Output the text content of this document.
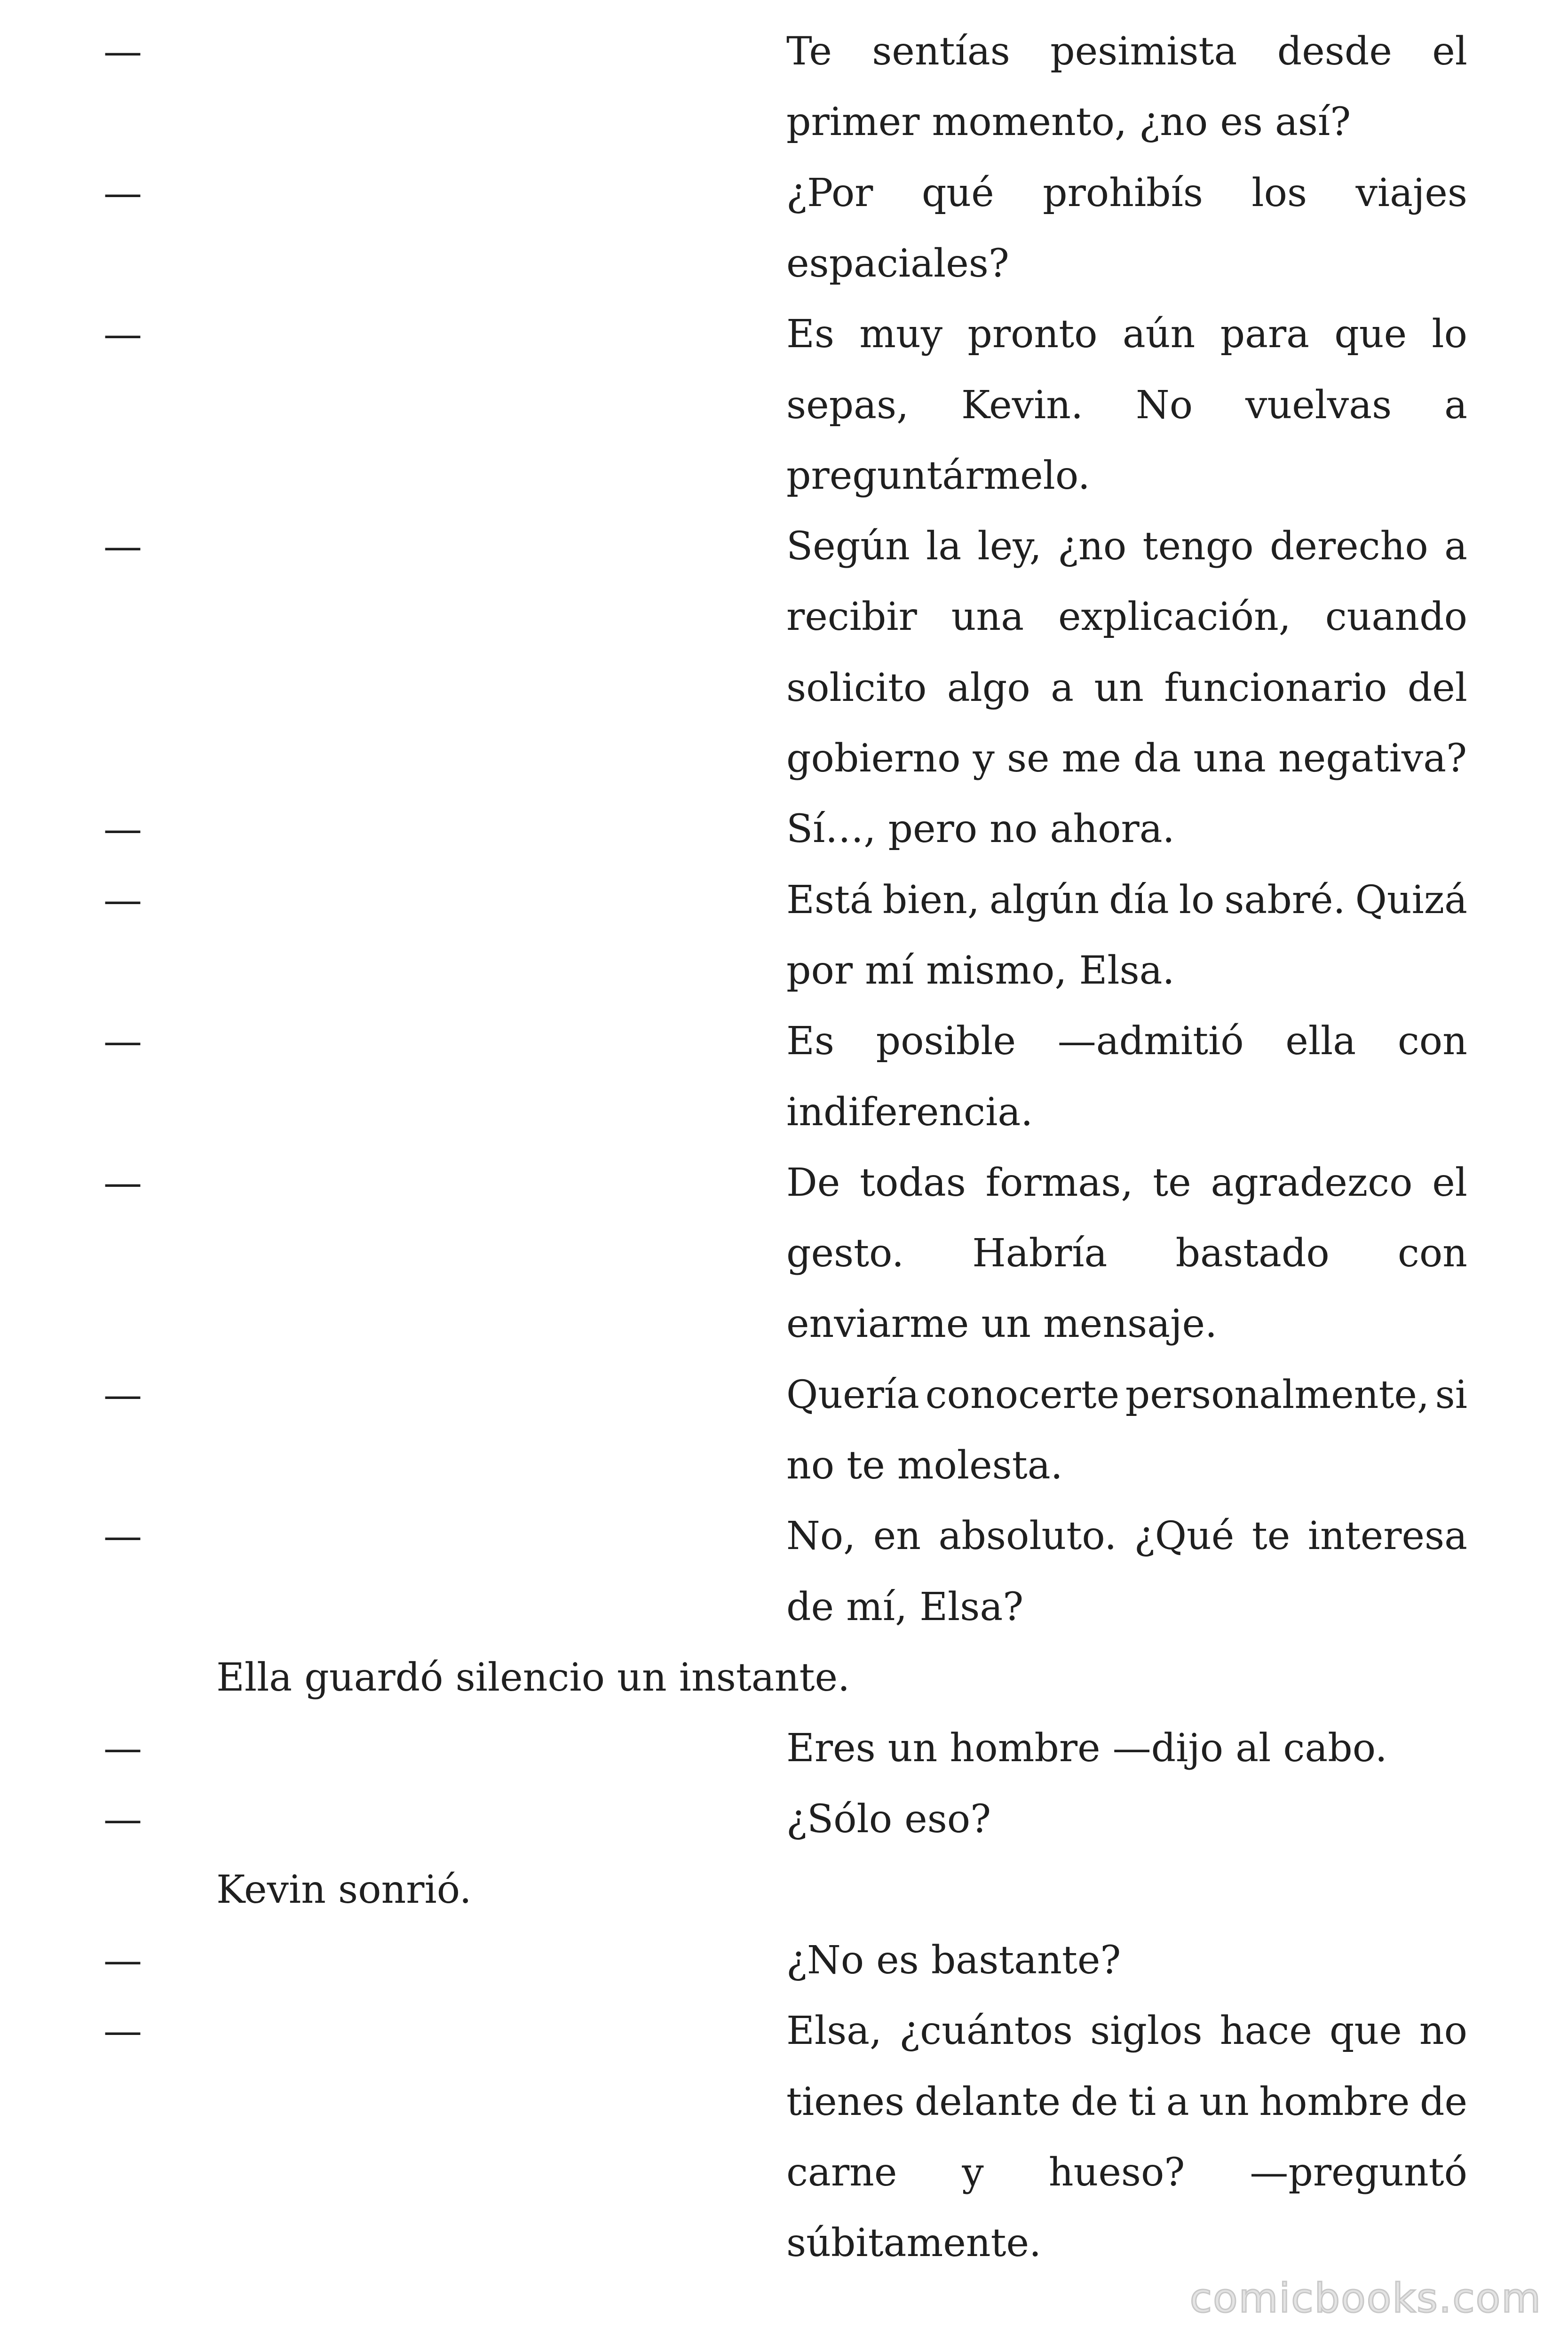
—	Te sentías pesimista desde el
primer momento, ¿no es así?
—	¿Por qué prohibís los viajes
espaciales?
—	Es muy pronto aún para que lo
sepas, Kevin. No vuelvas a
preguntármelo.
—	Según la ley, ¿no tengo derecho a
recibir una explicación, cuando
solicito algo a un funcionario del
gobierno y se me da una negativa?
—	Sí…, pero no ahora.
—	Está bien, algún día lo sabré. Quizá
por mí mismo, Elsa.
—	Es posible —admitió ella con
indiferencia.
—	De todas formas, te agradezco el
gesto. Habría bastado con
enviarme un mensaje.
—	Quería conocerte personalmente, si
no te molesta.
—	No, en absoluto. ¿Qué te interesa
de mí, Elsa?
Ella guardó silencio un instante.
—	Eres un hombre —dijo al cabo.
—	¿Sólo eso?
Kevin sonrió.
—	¿No es bastante?
—	Elsa, ¿cuántos siglos hace que no
tienes delante de ti a un hombre de
carne y hueso? —preguntó
súbitamente.
comicbooks.com
